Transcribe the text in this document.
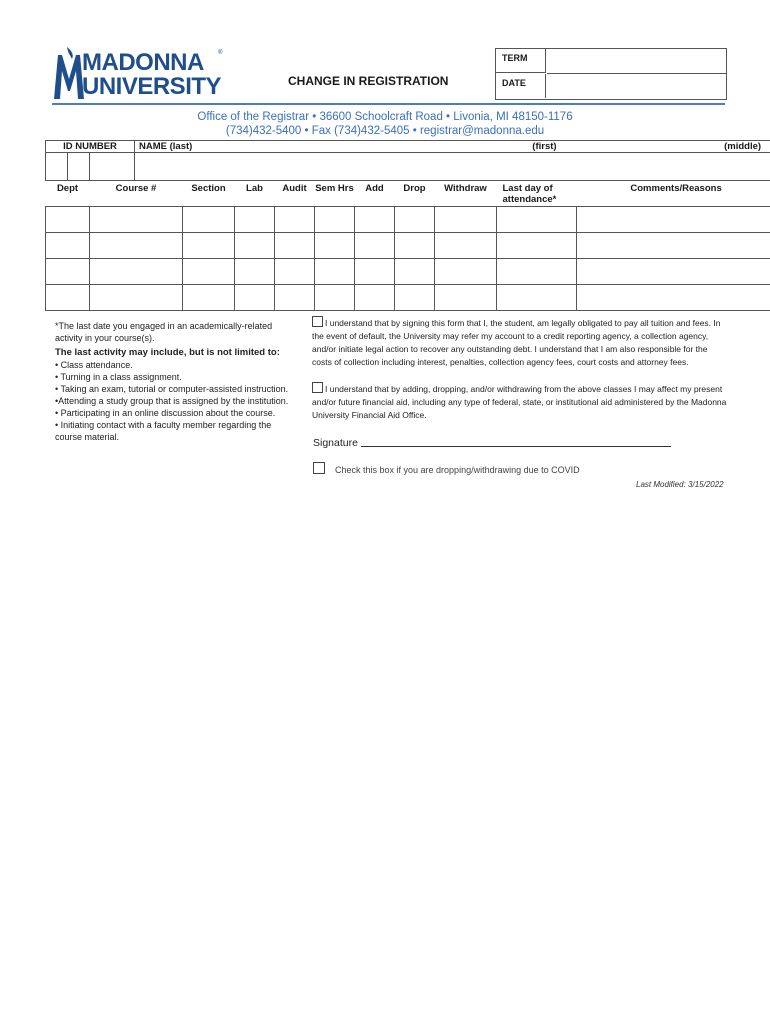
MADONNA ®
UNIVERSITY	CHANGE IN REGISTRATION
TERM
DATE
Office of the Registrar • 36600 Schoolcraft Road • Livonia, MI 48150-1176
(734)432-5400 • Fax (734)432-5405 • registrar@madonna.edu
ID NUMBER			NAME (last)				(first)					(middle)

Dept		Course #		Section	Lab	Audit	Sem Hrs	Add	Drop	Withdraw	Last day of attendance*	Comments/Reasons

*The last date you engaged in an academically-related activity in your course(s).
The last activity may include, but is not limited to:
• Class attendance.
• Turning in a class assignment.
• Taking an exam, tutorial or computer-assisted instruction.
•Attending a study group that is assigned by the institution.
• Participating in an online discussion about the course.
• Initiating contact with a faculty member regarding the course material.
I understand that by signing this form that I, the student, am legally obligated to pay all tuition and fees. In the event of default, the University may refer my account to a credit reporting agency, a collection agency, and/or initiate legal action to recover any outstanding debt. I understand that I am also responsible for the costs of collection including interest, penalties, collection agency fees, court costs and attorney fees.
I understand that by adding, dropping, and/or withdrawing from the above classes I may affect my present and/or future financial aid, including any type of federal, state, or institutional aid administered by the Madonna University Financial Aid Office.
Signature
Check this box if you are dropping/withdrawing due to COVID
Last Modified: 3/15/2022
